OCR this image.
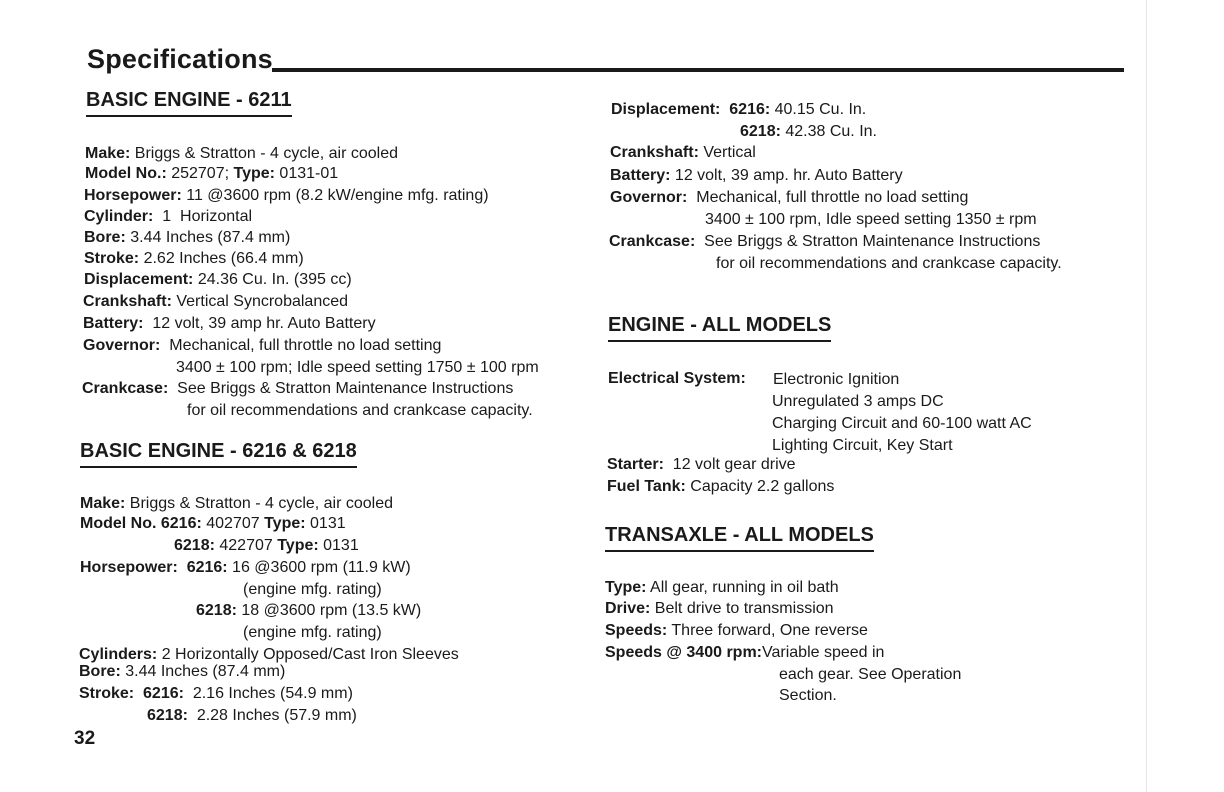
Specifications
BASIC ENGINE - 6211
Make: Briggs & Stratton - 4 cycle, air cooled
Model No.: 252707; Type: 0131-01
Horsepower: 11 @3600 rpm (8.2 kW/engine mfg. rating)
Cylinder:  1  Horizontal
Bore: 3.44 Inches (87.4 mm)
Stroke: 2.62 Inches (66.4 mm)
Displacement: 24.36 Cu. In. (395 cc)
Crankshaft: Vertical Syncrobalanced
Battery:  12 volt, 39 amp hr. Auto Battery
Governor:  Mechanical, full throttle no load setting
3400 ± 100 rpm; Idle speed setting 1750 ± 100 rpm
Crankcase:  See Briggs & Stratton Maintenance Instructions
for oil recommendations and crankcase capacity.
BASIC ENGINE - 6216 & 6218
Make: Briggs & Stratton - 4 cycle, air cooled
Model No. 6216: 402707 Type: 0131
6218: 422707 Type: 0131
Horsepower:  6216: 16 @3600 rpm (11.9 kW)
(engine mfg. rating)
6218: 18 @3600 rpm (13.5 kW)
(engine mfg. rating)
Cylinders: 2 Horizontally Opposed/Cast Iron Sleeves
Bore: 3.44 Inches (87.4 mm)
Stroke:  6216:  2.16 Inches (54.9 mm)
6218:  2.28 Inches (57.9 mm)
32
Displacement:  6216: 40.15 Cu. In.
6218: 42.38 Cu. In.
Crankshaft: Vertical
Battery: 12 volt, 39 amp. hr. Auto Battery
Governor:  Mechanical, full throttle no load setting
3400 ± 100 rpm, Idle speed setting 1350 ± rpm
Crankcase:  See Briggs & Stratton Maintenance Instructions
for oil recommendations and crankcase capacity.
ENGINE - ALL MODELS
Electrical System: Electronic Ignition
Unregulated 3 amps DC
Charging Circuit and 60-100 watt AC
Lighting Circuit, Key Start
Starter:  12 volt gear drive
Fuel Tank: Capacity 2.2 gallons
TRANSAXLE - ALL MODELS
Type: All gear, running in oil bath
Drive: Belt drive to transmission
Speeds: Three forward, One reverse
Speeds @ 3400 rpm:Variable speed in
each gear. See Operation
Section.
